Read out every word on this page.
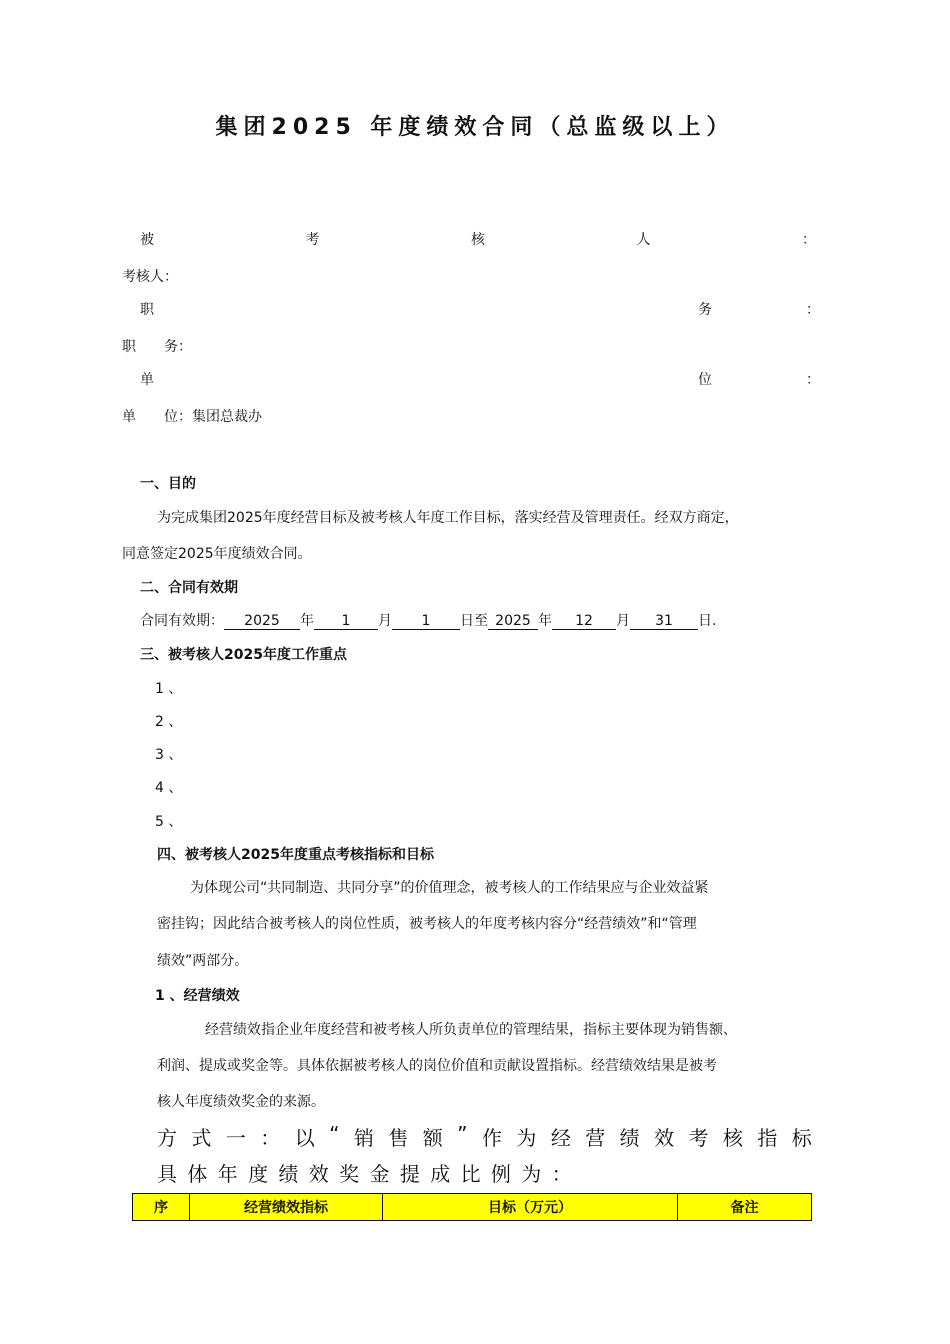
集团2025 年度绩效合同（总监级以上）
被	考	核	人	：
考核人：
职	务	：
职　　务：
单	位	：
单　　位：集团总裁办
一、目的
为完成集团2025年度经营目标及被考核人年度工作目标，落实经营及管理责任。经双方商定，
同意签定2025年度绩效合同。
二、合同有效期
合同有效期： 2025 年 1 月 1 日至 2025 年 12 月 31 日.
三、被考核人2025年度工作重点
1 、
2 、
3 、
4 、
5 、
四、被考核人2025年度重点考核指标和目标
为体现公司“共同制造、共同分享”的价值理念，被考核人的工作结果应与企业效益紧
密挂钩；因此结合被考核人的岗位性质，被考核人的年度考核内容分“经营绩效”和“管理
绩效”两部分。
1 、经营绩效
经营绩效指企业年度经营和被考核人所负责单位的管理结果，指标主要体现为销售额、
利润、提成或奖金等。具体依据被考核人的岗位价值和贡献设置指标。经营绩效结果是被考
核人年度绩效奖金的来源。
方 式 一 ： 以 “ 销 售 额 ” 作 为 经 营 绩 效 考 核 指 标
具 体 年 度 绩 效 奖 金 提 成 比 例 为 ：
序	经营绩效指标	目标（万元）	备注
